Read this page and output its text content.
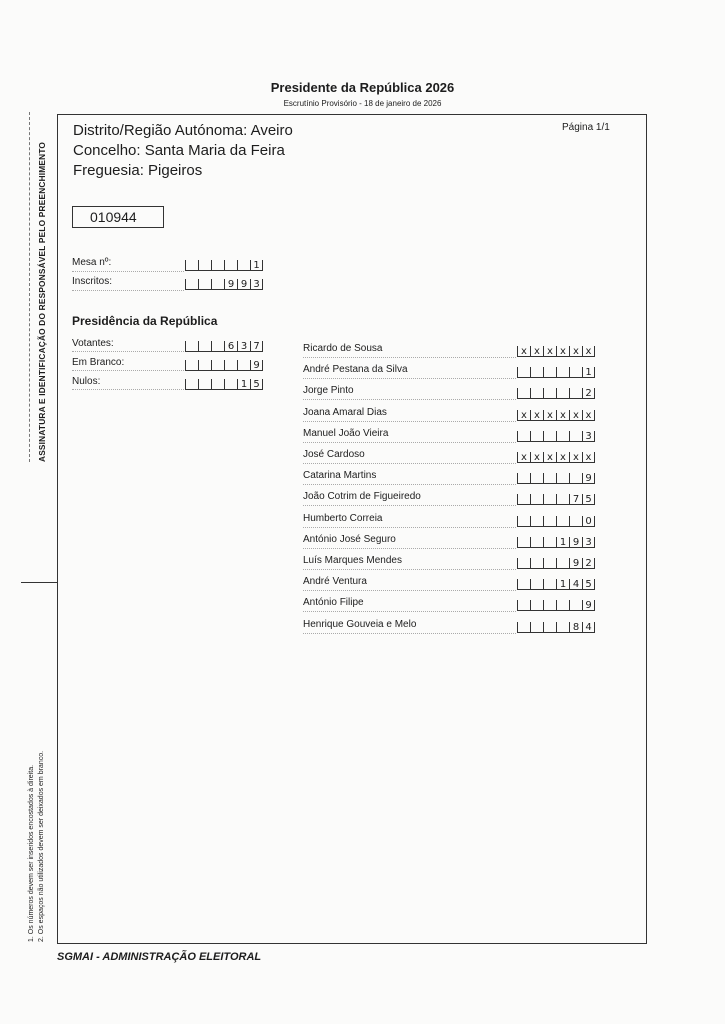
Presidente da República 2026
Escrutínio Provisório - 18 de janeiro de 2026
ASSINATURA E IDENTIFICAÇÃO DO RESPONSÁVEL PELO PREENCHIMENTO
1. Os números devem ser inseridos encostados à direita. 2. Os espaços não utilizados devem ser deixados em branco.
Distrito/Região Autónoma: Aveiro
Concelho: Santa Maria da Feira
Freguesia: Pigeiros
Página 1/1
010944
Mesa nº:	1
Inscritos:	9 9 3
Presidência da República
Votantes:	6 3 7
Em Branco:	9
Nulos:	1 5
Ricardo de Sousa	x x x x x x
André Pestana da Silva	1
Jorge Pinto	2
Joana Amaral Dias	x x x x x x
Manuel João Vieira	3
José Cardoso	x x x x x x
Catarina Martins	9
João Cotrim de Figueiredo	7 5
Humberto Correia	0
António José Seguro	1 9 3
Luís Marques Mendes	9 2
André Ventura	1 4 5
António Filipe	9
Henrique Gouveia e Melo	8 4
SGMAI - ADMINISTRAÇÃO ELEITORAL
